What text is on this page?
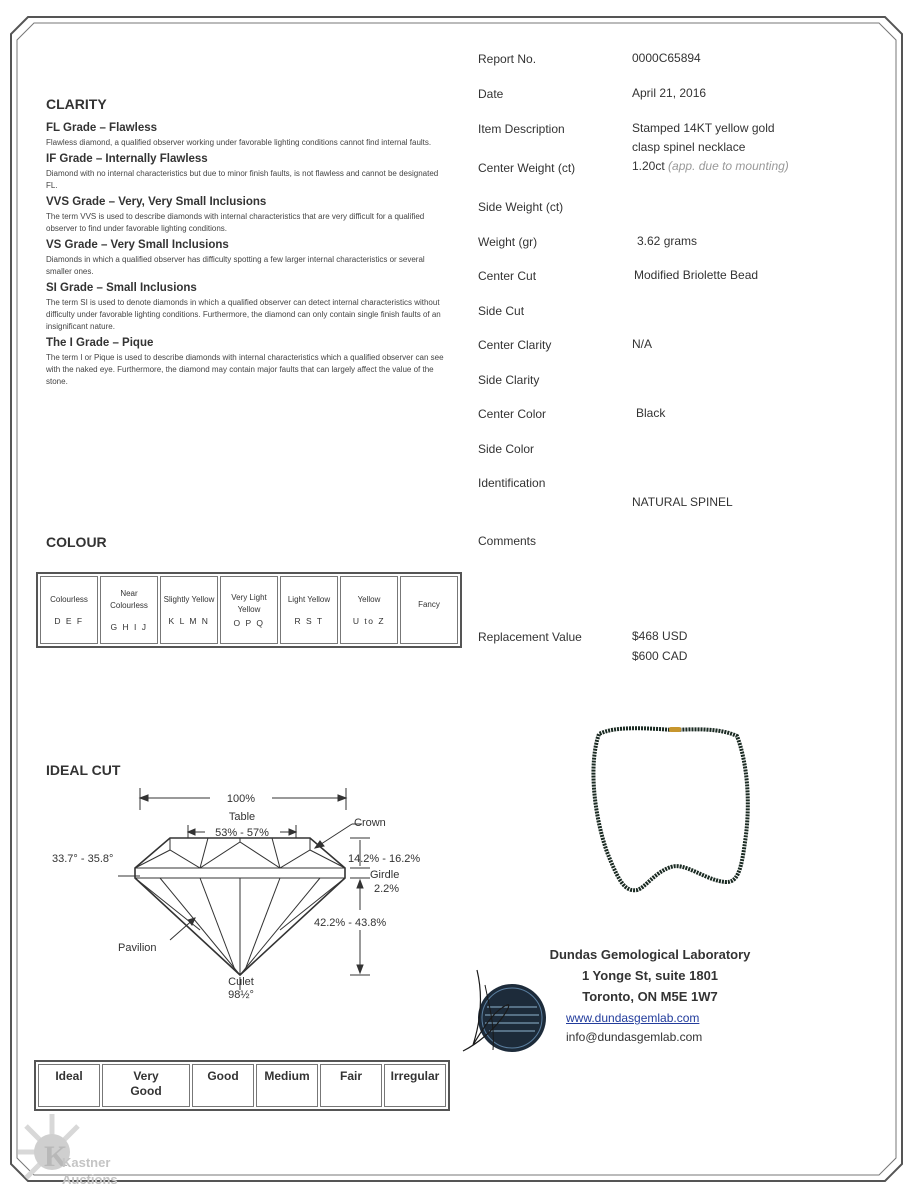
CLARITY
FL Grade – Flawless
Flawless diamond, a qualified observer working under favorable lighting conditions cannot find internal faults.
IF Grade – Internally Flawless
Diamond with no internal characteristics but due to minor finish faults, is not flawless and cannot be designated FL.
VVS Grade – Very, Very Small Inclusions
The term VVS is used to describe diamonds with internal characteristics that are very difficult for a qualified observer to find under favorable lighting conditions.
VS Grade – Very Small Inclusions
Diamonds in which a qualified observer has difficulty spotting a few larger internal characteristics or several smaller ones.
SI Grade – Small Inclusions
The term SI is used to denote diamonds in which a qualified observer can detect internal characteristics without difficulty under favorable lighting conditions. Furthermore, the diamond can only contain single finish faults of an insignificant nature.
The I Grade – Pique
The term I or Pique is used to describe diamonds with internal characteristics which a qualified observer can see with the naked eye. Furthermore, the diamond may contain major faults that can largely affect the value of the stone.
COLOUR
Colourless
D E F

Near Colourless
G H I J

Slightly Yellow
K L M N

Very Light Yellow
O P Q

Light Yellow
R S T

Yellow
U to Z

Fancy
IDEAL CUT
100%
Table
53% - 57%
Crown
33.7° - 35.8°	14.2% - 16.2%
Girdle
2.2%
42.2% - 43.8%
Pavilion
Culet
98½°
Ideal	Very Good	Good	Medium	Fair	Irregular
Report No.	0000C65894
Date	April 21, 2016
Item Description	Stamped 14KT yellow gold
clasp spinel necklace
Center Weight (ct)	1.20ct (app. due to mounting)
Side Weight (ct)
Weight (gr)	3.62 grams
Center Cut	Modified Briolette Bead
Side Cut
Center Clarity	N/A
Side Clarity
Center Color	Black
Side Color
Identification
NATURAL SPINEL
Comments
Replacement Value	$468 USD
$600 CAD
Dundas Gemological Laboratory
1 Yonge St, suite 1801
Toronto, ON M5E 1W7
www.dundasgemlab.com
info@dundasgemlab.com
K
Kastner
Auctions
